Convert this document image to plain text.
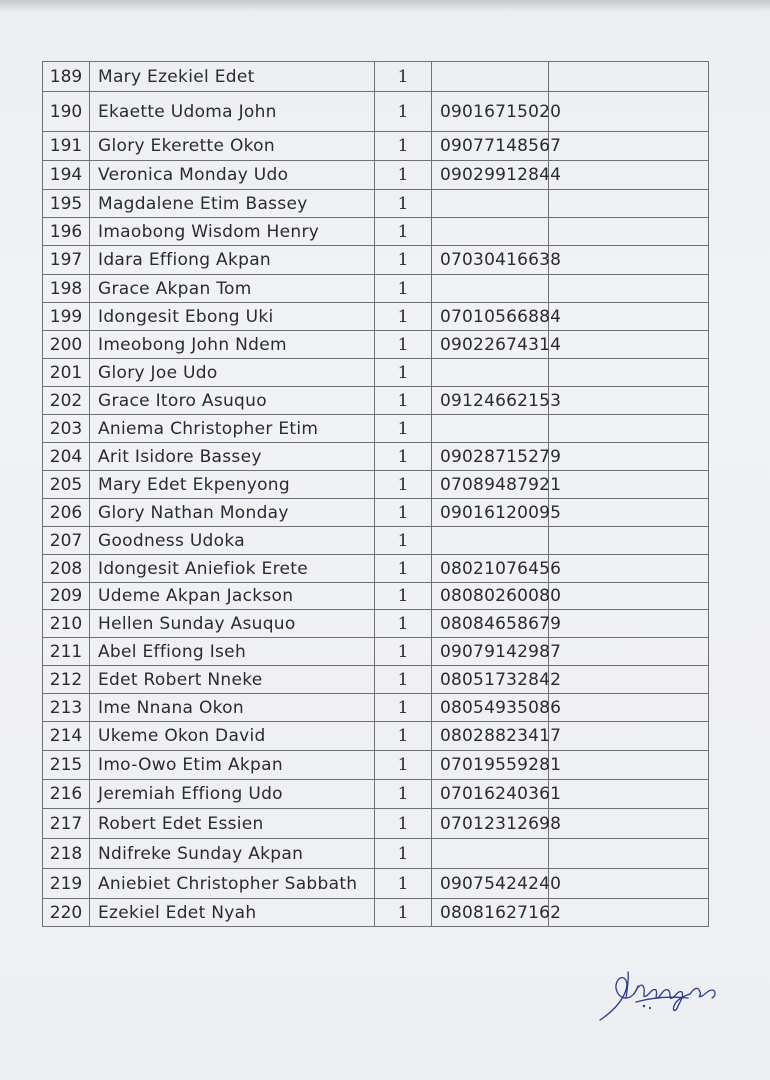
189	Mary Ezekiel Edet	1		
190	Ekaette Udoma John	1	09016715020	
191	Glory Ekerette Okon	1	09077148567	
194	Veronica Monday Udo	1	09029912844	
195	Magdalene Etim Bassey	1		
196	Imaobong Wisdom Henry	1		
197	Idara Effiong Akpan	1	07030416638	
198	Grace Akpan Tom	1		
199	Idongesit Ebong Uki	1	07010566884	
200	Imeobong John Ndem	1	09022674314	
201	Glory Joe Udo	1		
202	Grace Itoro Asuquo	1	09124662153	
203	Aniema Christopher Etim	1		
204	Arit Isidore Bassey	1	09028715279	
205	Mary Edet Ekpenyong	1	07089487921	
206	Glory Nathan Monday	1	09016120095	
207	Goodness Udoka	1		
208	Idongesit Aniefiok Erete	1	08021076456	
209	Udeme Akpan Jackson	1	08080260080	
210	Hellen Sunday Asuquo	1	08084658679	
211	Abel Effiong Iseh	1	09079142987	
212	Edet Robert Nneke	1	08051732842	
213	Ime Nnana Okon	1	08054935086	
214	Ukeme Okon David	1	08028823417	
215	Imo-Owo Etim Akpan	1	07019559281	
216	Jeremiah Effiong Udo	1	07016240361	
217	Robert Edet Essien	1	07012312698	
218	Ndifreke Sunday Akpan	1		
219	Aniebiet Christopher Sabbath	1	09075424240	
220	Ezekiel Edet Nyah	1	08081627162	
